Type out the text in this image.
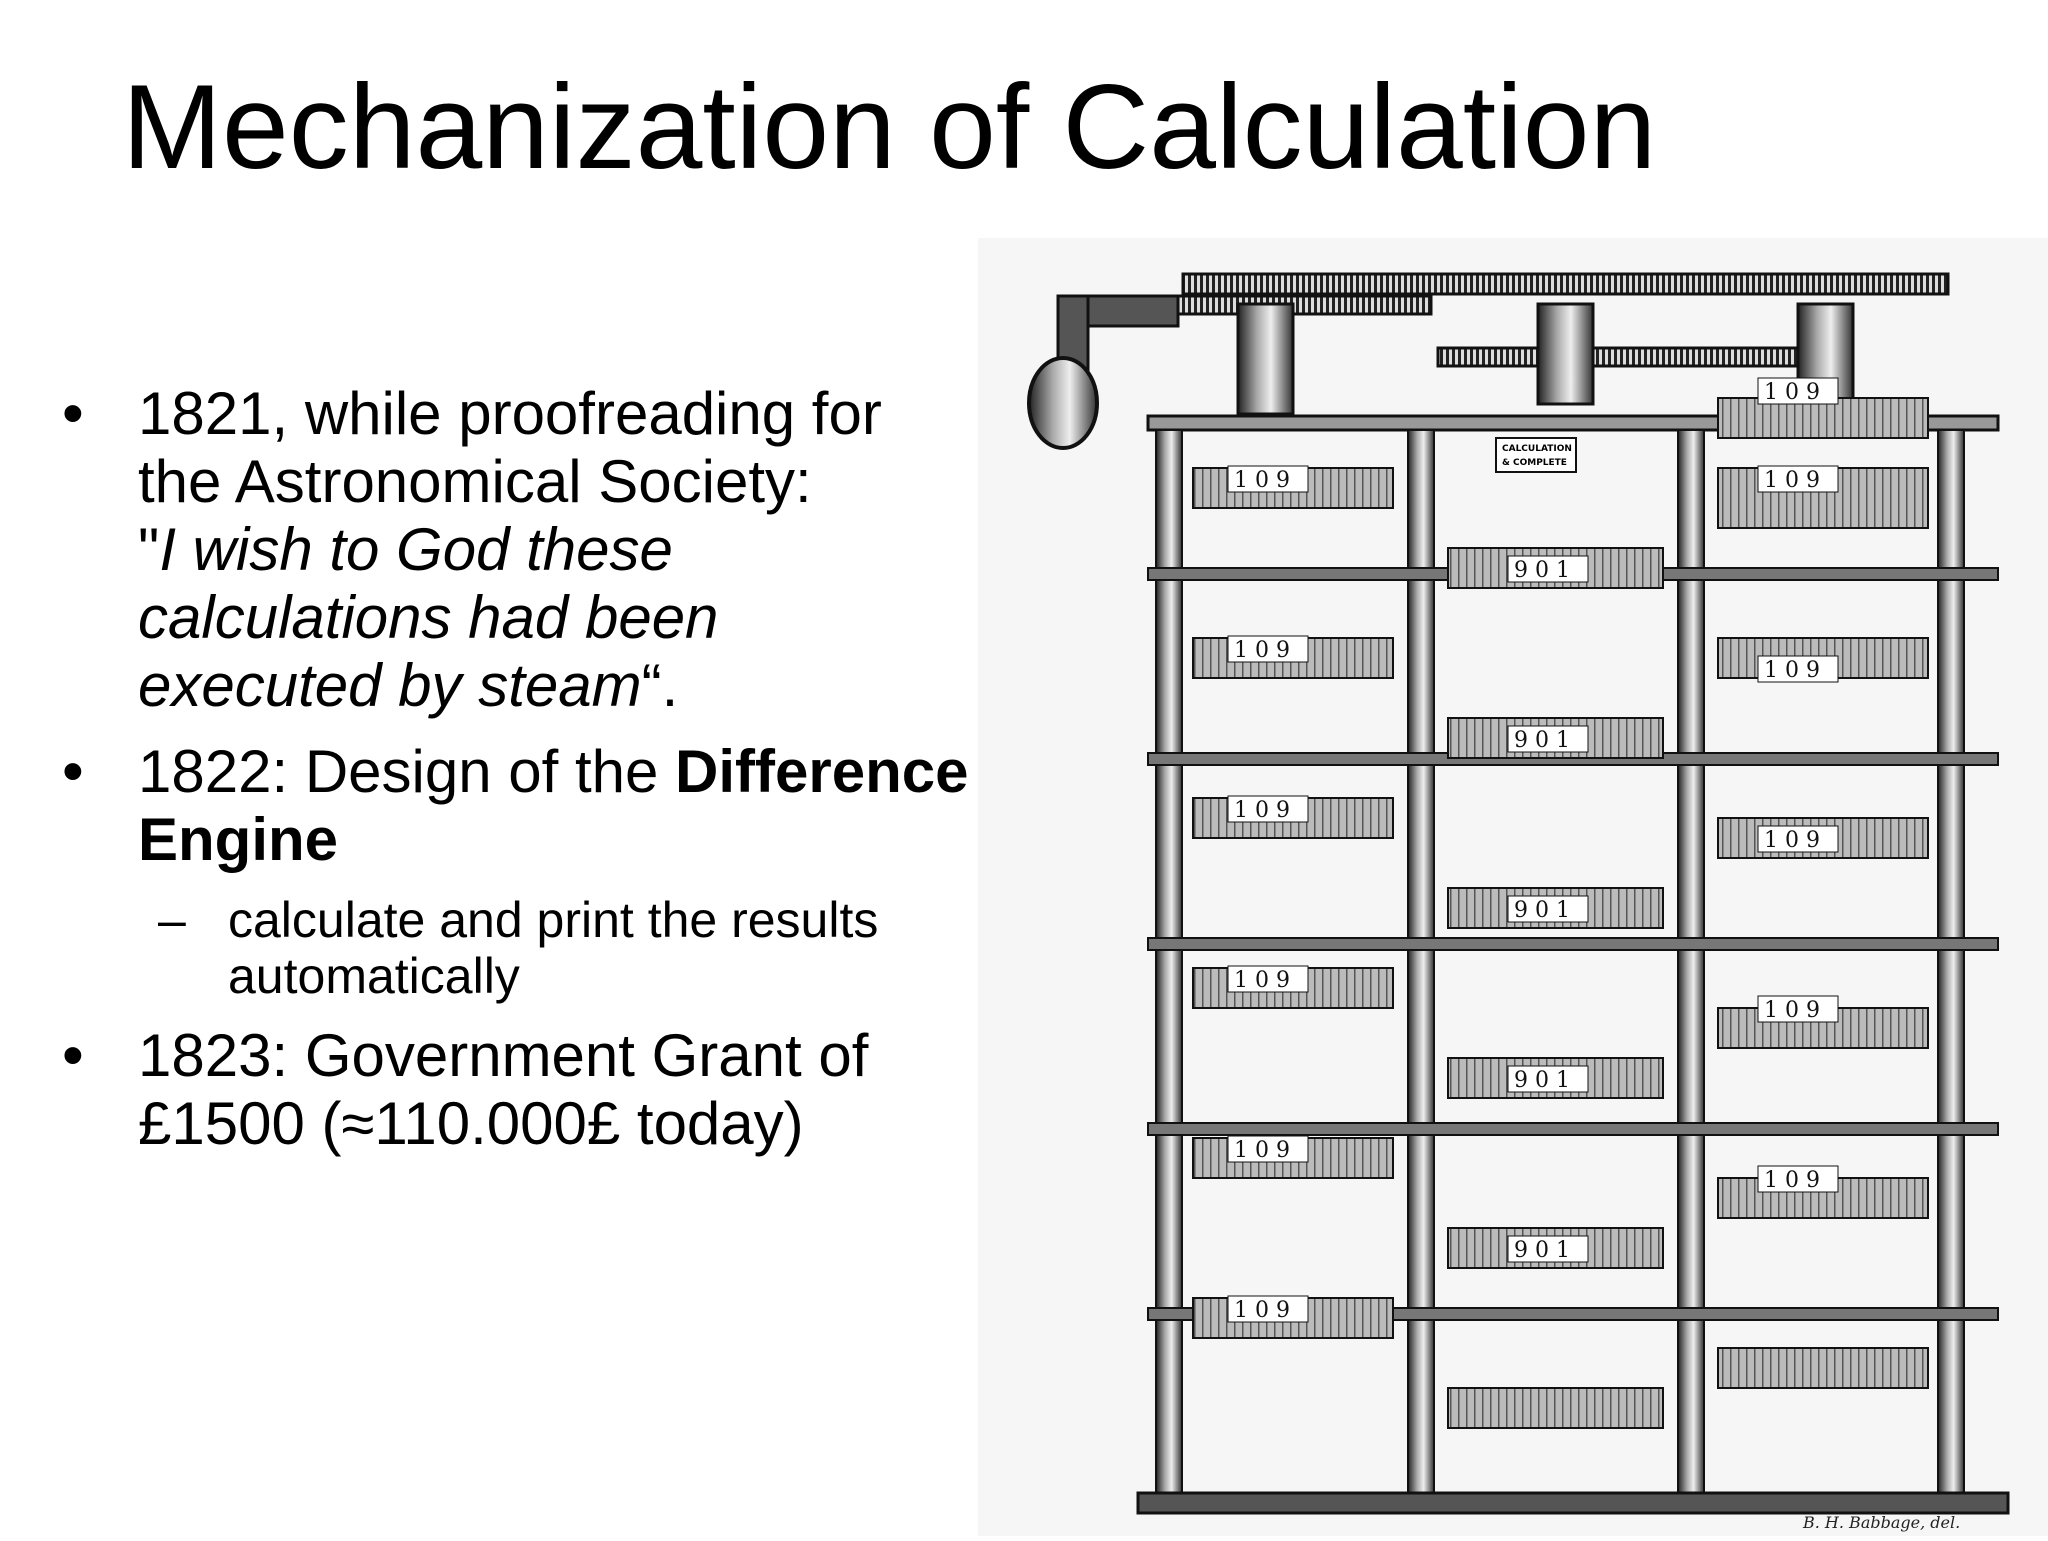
Mechanization of Calculation
• 1821, while proofreading for
the Astronomical Society:
"I wish to God these
calculations had been
executed by steam“.
• 1822: Design of the Difference
Engine
– calculate and print the results
automatically
• 1823: Government Grant of
£1500 (≈110.000£ today)
1 0 9
1 0 9
1 0 9
1 0 9
1 0 9
1 0 9
9 0 1
9 0 1
9 0 1
9 0 1
9 0 1
1 0 9
1 0 9
1 0 9
1 0 9
1 0 9
1 0 9
CALCULATION
& COMPLETE
B. H. Babbage, del.
